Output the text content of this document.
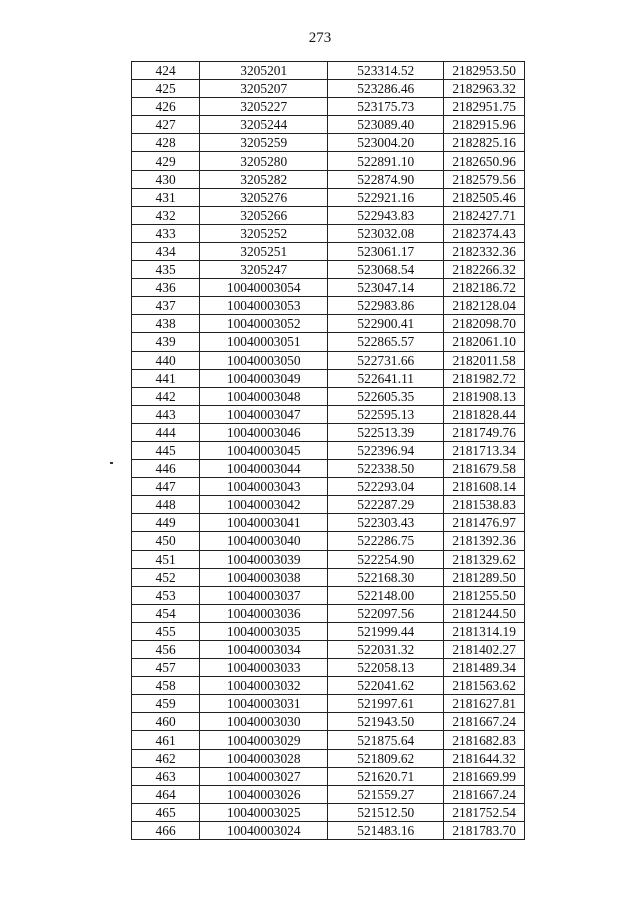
273
424	3205201	523314.52	2182953.50
425	3205207	523286.46	2182963.32
426	3205227	523175.73	2182951.75
427	3205244	523089.40	2182915.96
428	3205259	523004.20	2182825.16
429	3205280	522891.10	2182650.96
430	3205282	522874.90	2182579.56
431	3205276	522921.16	2182505.46
432	3205266	522943.83	2182427.71
433	3205252	523032.08	2182374.43
434	3205251	523061.17	2182332.36
435	3205247	523068.54	2182266.32
436	10040003054	523047.14	2182186.72
437	10040003053	522983.86	2182128.04
438	10040003052	522900.41	2182098.70
439	10040003051	522865.57	2182061.10
440	10040003050	522731.66	2182011.58
441	10040003049	522641.11	2181982.72
442	10040003048	522605.35	2181908.13
443	10040003047	522595.13	2181828.44
444	10040003046	522513.39	2181749.76
445	10040003045	522396.94	2181713.34
446	10040003044	522338.50	2181679.58
447	10040003043	522293.04	2181608.14
448	10040003042	522287.29	2181538.83
449	10040003041	522303.43	2181476.97
450	10040003040	522286.75	2181392.36
451	10040003039	522254.90	2181329.62
452	10040003038	522168.30	2181289.50
453	10040003037	522148.00	2181255.50
454	10040003036	522097.56	2181244.50
455	10040003035	521999.44	2181314.19
456	10040003034	522031.32	2181402.27
457	10040003033	522058.13	2181489.34
458	10040003032	522041.62	2181563.62
459	10040003031	521997.61	2181627.81
460	10040003030	521943.50	2181667.24
461	10040003029	521875.64	2181682.83
462	10040003028	521809.62	2181644.32
463	10040003027	521620.71	2181669.99
464	10040003026	521559.27	2181667.24
465	10040003025	521512.50	2181752.54
466	10040003024	521483.16	2181783.70
